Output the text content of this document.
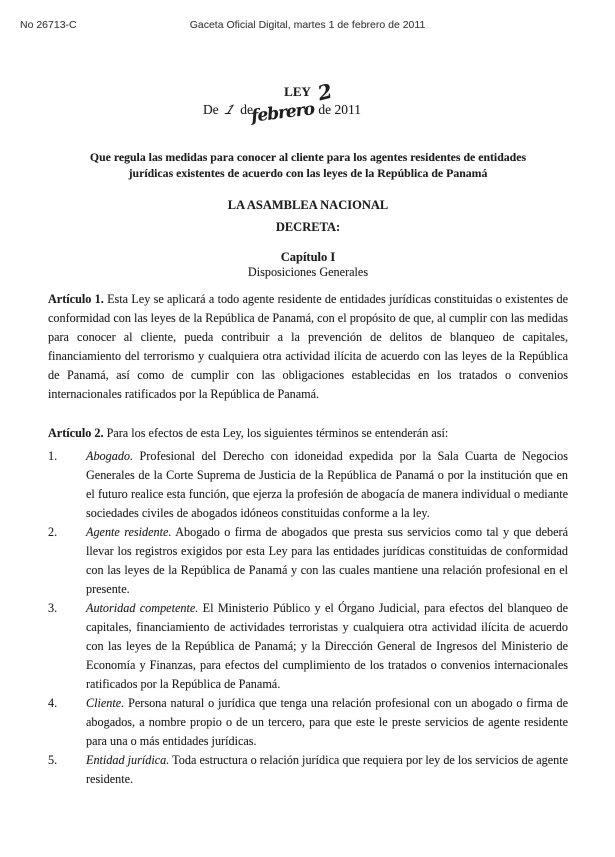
No 26713-C	Gaceta Oficial Digital, martes 1 de febrero de 2011
LEY 2
De 1 defebrero de 2011
Que regula las medidas para conocer al cliente para los agentes residentes de entidades
jurídicas existentes de acuerdo con las leyes de la República de Panamá
LA ASAMBLEA NACIONAL
DECRETA:
Capítulo I
Disposiciones Generales

Artículo 1. Esta Ley se aplicará a todo agente residente de entidades jurídicas constituidas o existentes de conformidad con las leyes de la República de Panamá, con el propósito de que, al cumplir con las medidas para conocer al cliente, pueda contribuir a la prevención de delitos de blanqueo de capitales, financiamiento del terrorismo y cualquiera otra actividad ilícita de acuerdo con las leyes de la República de Panamá, así como de cumplir con las obligaciones establecidas en los tratados o convenios internacionales ratificados por la República de Panamá.

Artículo 2. Para los efectos de esta Ley, los siguientes términos se entenderán así:

1.	Abogado. Profesional del Derecho con idoneidad expedida por la Sala Cuarta de Negocios Generales de la Corte Suprema de Justicia de la República de Panamá o por la institución que en el futuro realice esta función, que ejerza la profesión de abogacía de manera individual o mediante sociedades civiles de abogados idóneos constituidas conforme a la ley.
2.	Agente residente. Abogado o firma de abogados que presta sus servicios como tal y que deberá llevar los registros exigidos por esta Ley para las entidades jurídicas constituidas de conformidad con las leyes de la República de Panamá y con las cuales mantiene una relación profesional en el presente.
3.	Autoridad competente. El Ministerio Público y el Órgano Judicial, para efectos del blanqueo de capitales, financiamiento de actividades terroristas y cualquiera otra actividad ilícita de acuerdo con las leyes de la República de Panamá; y la Dirección General de Ingresos del Ministerio de Economía y Finanzas, para efectos del cumplimiento de los tratados o convenios internacionales ratificados por la República de Panamá.
4.	Cliente. Persona natural o jurídica que tenga una relación profesional con un abogado o firma de abogados, a nombre propio o de un tercero, para que este le preste servicios de agente residente para una o más entidades jurídicas.
5.	Entidad jurídica. Toda estructura o relación jurídica que requiera por ley de los servicios de agente residente.
